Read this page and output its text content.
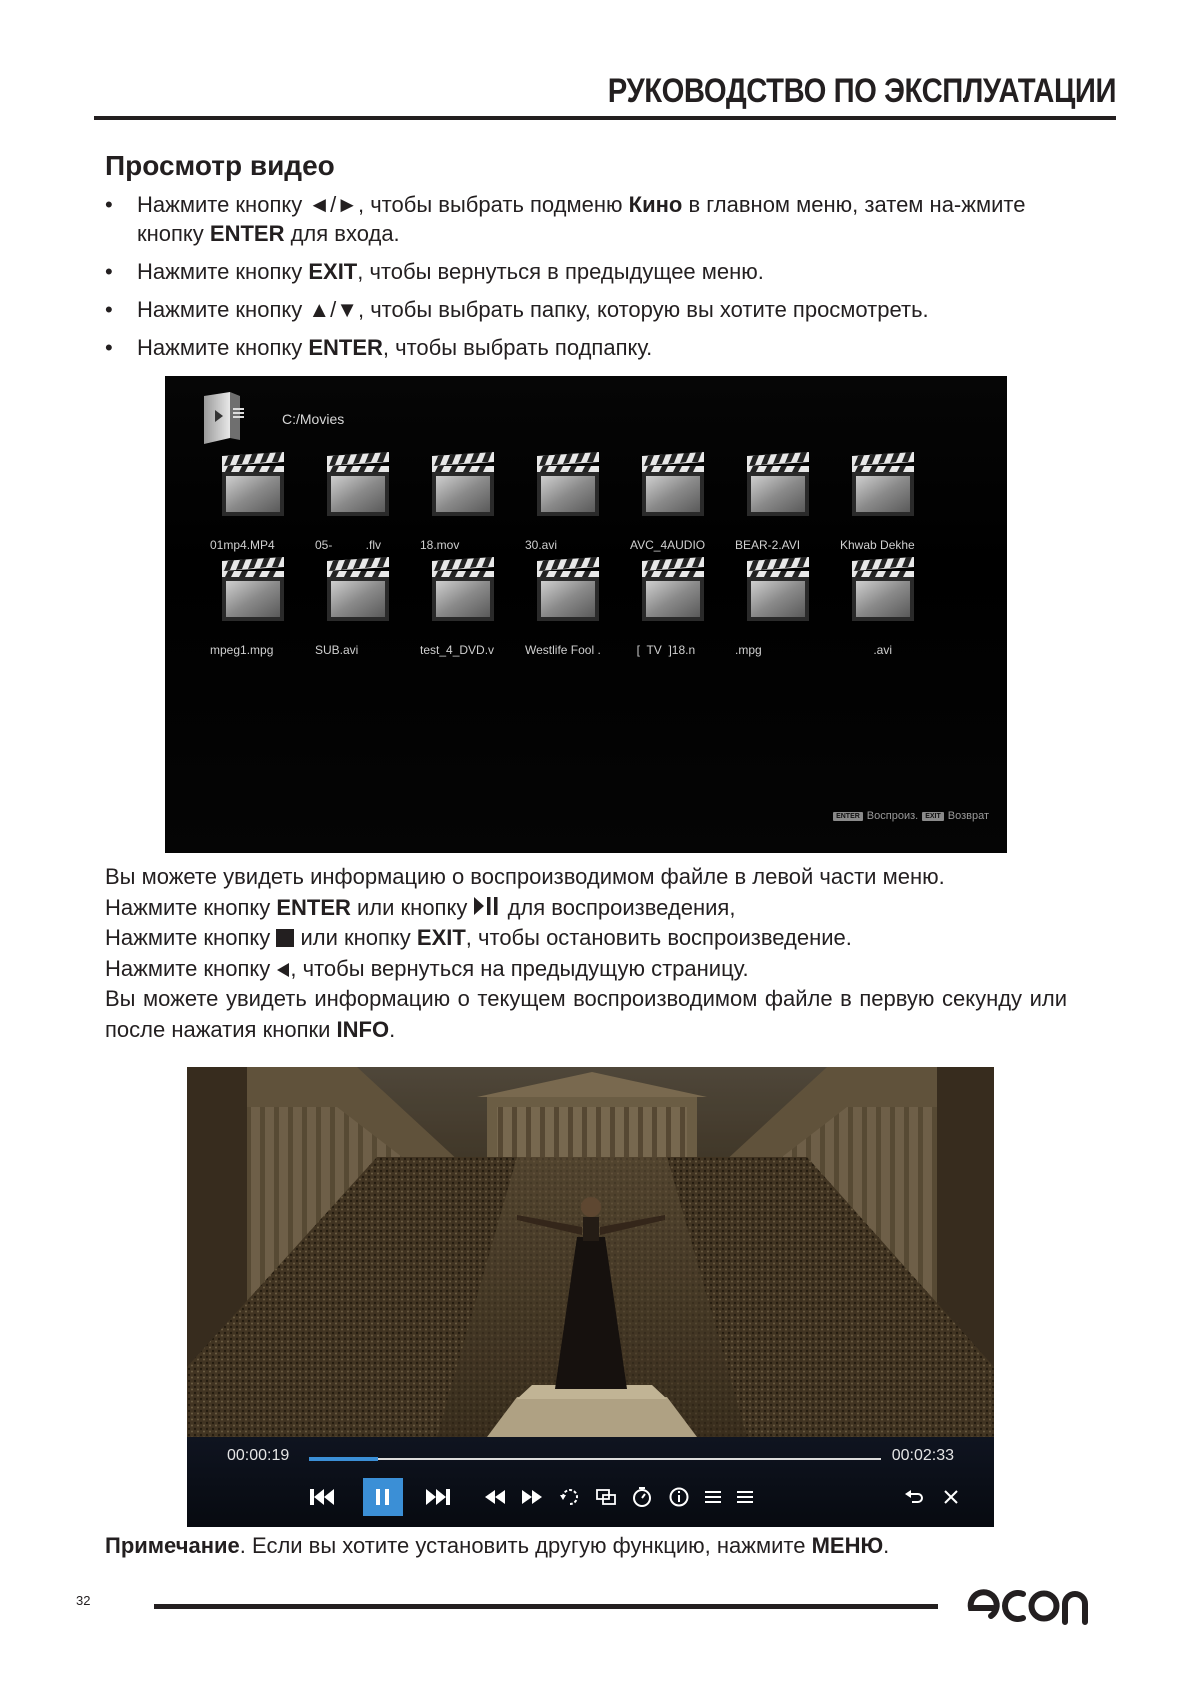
РУКОВОДСТВО ПО ЭКСПЛУАТАЦИИ
Просмотр видео
• Нажмите кнопку ◄/►, чтобы выбрать подменю Кино в главном меню, затем на-жмите кнопку ENTER для входа.
• Нажмите кнопку EXIT, чтобы вернуться в предыдущее меню.
• Нажмите кнопку ▲/▼, чтобы выбрать папку, которую вы хотите просмотреть.
• Нажмите кнопку ENTER, чтобы выбрать подпапку.
C:/Movies
01mp4.MP4	05-          .flv	18.mov	30.avi	AVC_4AUDIO	BEAR-2.AVI	Khwab Dekhe
mpeg1.mpg	SUB.avi	test_4_DVD.v	Westlife Fool .	[  TV  ]18.n	.mpg	.avi
ENTER Воспроиз.	EXIT Возврат

Вы можете увидеть информацию о воспроизводимом файле в левой части меню.

Нажмите кнопку ENTER или кнопку  для воспроизведения,

Нажмите кнопку  или кнопку EXIT, чтобы остановить воспроизведение.

Нажмите кнопку , чтобы вернуться на предыдущую страницу.

Вы можете увидеть информацию о текущем воспроизводимом файле в первую секунду или после нажатия кнопки INFO.

00:00:19	00:02:33
Примечание. Если вы хотите установить другую функцию, нажмите МЕНЮ.
32
